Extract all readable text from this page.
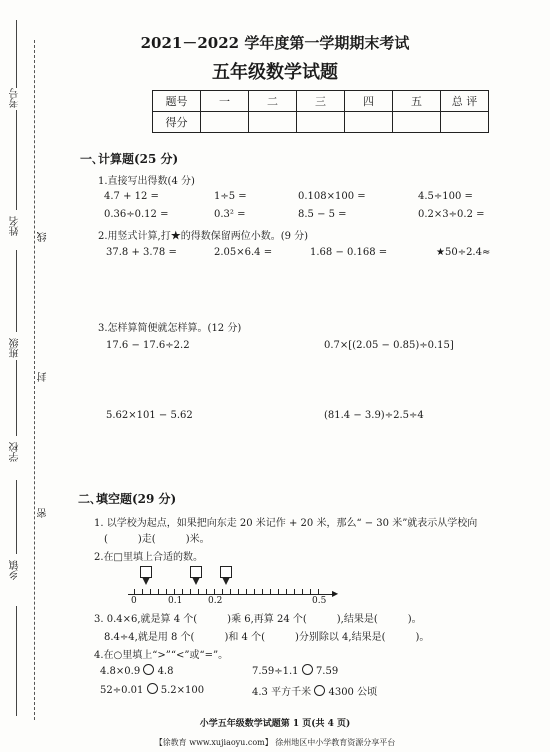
2021－2022 学年度第一学期期末考试
五年级数学试题
题号	一	二	三	四	五	总 评
得分						
考号
姓名
线
班级
封
学校
密
乡镇
一､计算题(25 分)
1.直接写出得数(4 分)
4.7 + 12 =	1÷5 =	0.108×100 =	4.5÷100 =
0.36÷0.12 =	0.3² =	8.5 − 5 =	0.2×3÷0.2 =
2.用竖式计算,打★的得数保留两位小数。(9 分)
37.8 + 3.78 =	2.05×6.4 =	1.68 − 0.168 =	★50÷2.4≈
3.怎样算简便就怎样算。(12 分)
17.6 − 17.6÷2.2	0.7×[(2.05 − 0.85)÷0.15]
5.62×101 − 5.62	(81.4 − 3.9)÷2.5÷4
二､填空题(29 分)
1. 以学校为起点，如果把向东走 20 米记作 + 20 米，那么“ − 30 米”就表示从学校向
(　　　)走(　　　)米。
2.在□里填上合适的数。
▶
0	0.1	0.2	0.5
3. 0.4×6,就是算 4 个(　　　)乘 6,再算 24 个(　　　),结果是(　　　)。
8.4÷4,就是用 8 个(　　　)和 4 个(　　　)分别除以 4,结果是(　　　)。
4.在○里填上“>”“<”或“=”。
4.8×0.9 4.8	7.59÷1.1 7.59
52÷0.01 5.2×100	4.3 平方千米 4300 公顷
小学五年级数学试题第 1 页(共 4 页)
【徐教育 www.xujiaoyu.com】 徐州地区中小学教育资源分享平台
